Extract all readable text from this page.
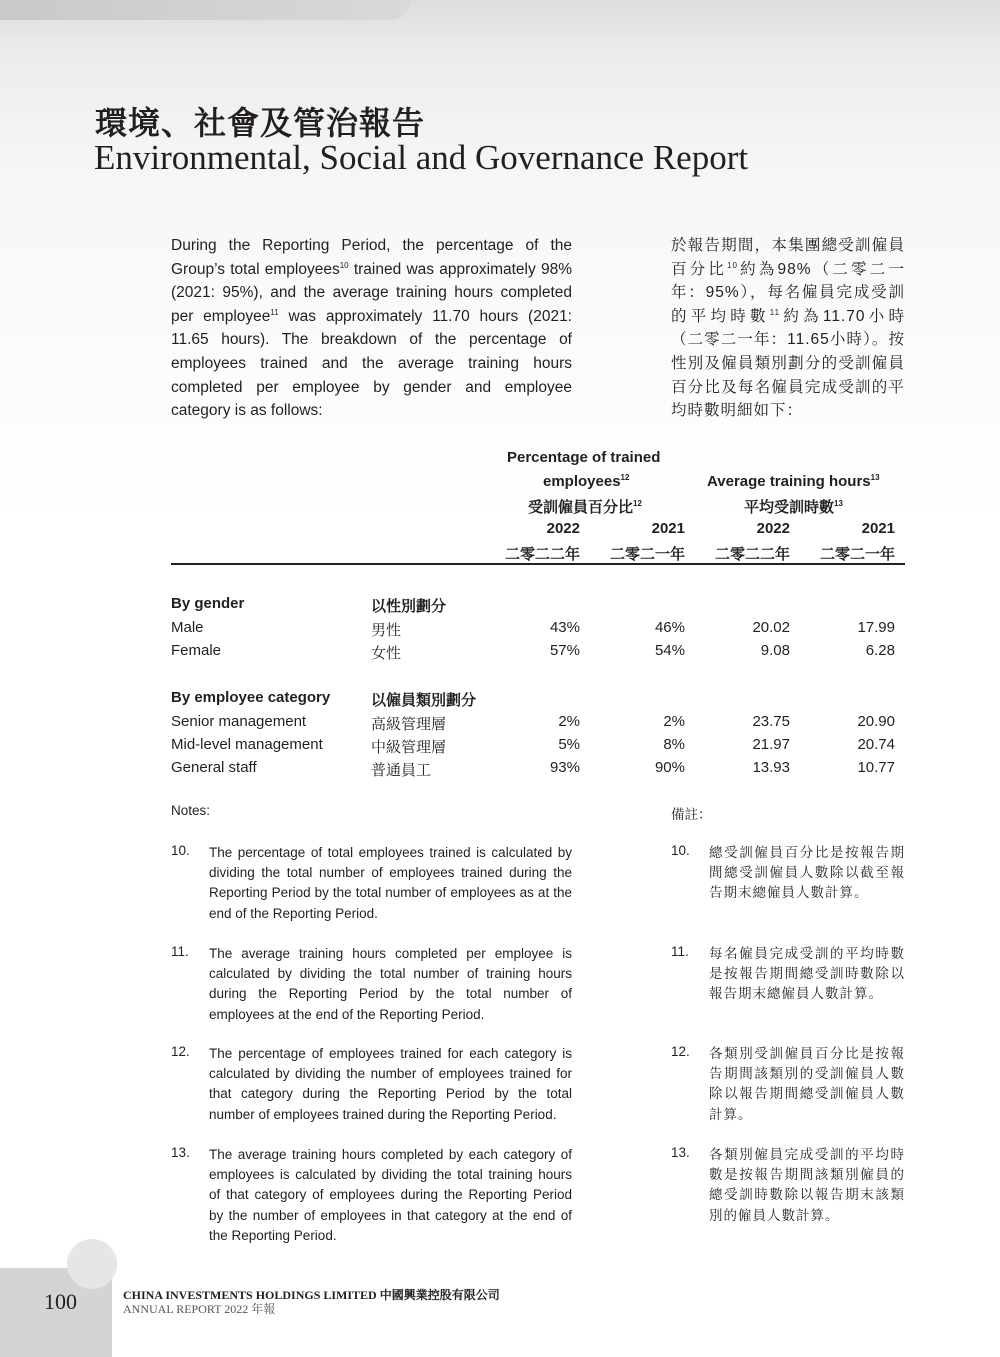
環境、社會及管治報告
Environmental, Social and Governance Report
During the Reporting Period, the percentage of the Group’s total employees$^{10}$ trained was approximately 98% (2021: 95%), and the average training hours completed per employee$^{11}$ was approximately 11.70 hours (2021: 11.65 hours). The breakdown of the percentage of employees trained and the average training hours completed per employee by gender and employee category is as follows:
於報告期間，本集團總受訓僱員百分比$^{10}$約為98%（二零二一年：95%），每名僱員完成受訓的平均時數$^{11}$約為11.70小時（二零二一年：11.65小時）。按性別及僱員類別劃分的受訓僱員百分比及每名僱員完成受訓的平均時數明細如下：
Percentage of trained
employees$^{12}$
受訓僱員百分比$^{12}$
Average training hours$^{13}$
平均受訓時數$^{13}$
2022	2021	2022	2021
二零二二年	二零二一年	二零二二年	二零二一年
By gender	以性別劃分
Male	男性	43%	46%	20.02	17.99
Female	女性	57%	54%	9.08	6.28
By employee category	以僱員類別劃分
Senior management	高級管理層	2%	2%	23.75	20.90
Mid-level management	中級管理層	5%	8%	21.97	20.74
General staff	普通員工	93%	90%	13.93	10.77
Notes:	備註：
10. The percentage of total employees trained is calculated by dividing the total number of employees trained during the Reporting Period by the total number of employees as at the end of the Reporting Period.
10. 總受訓僱員百分比是按報告期間總受訓僱員人數除以截至報告期末總僱員人數計算。
11. The average training hours completed per employee is calculated by dividing the total number of training hours during the Reporting Period by the total number of employees at the end of the Reporting Period.
11. 每名僱員完成受訓的平均時數是按報告期間總受訓時數除以報告期末總僱員人數計算。
12. The percentage of employees trained for each category is calculated by dividing the number of employees trained for that category during the Reporting Period by the total number of employees trained during the Reporting Period.
12. 各類別受訓僱員百分比是按報告期間該類別的受訓僱員人數除以報告期間總受訓僱員人數計算。
13. The average training hours completed by each category of employees is calculated by dividing the total training hours of that category of employees during the Reporting Period by the number of employees in that category at the end of the Reporting Period.
13. 各類別僱員完成受訓的平均時數是按報告期間該類別僱員的總受訓時數除以報告期末該類別的僱員人數計算。
100	CHINA INVESTMENTS HOLDINGS LIMITED 中國興業控股有限公司
ANNUAL REPORT 2022 年報
